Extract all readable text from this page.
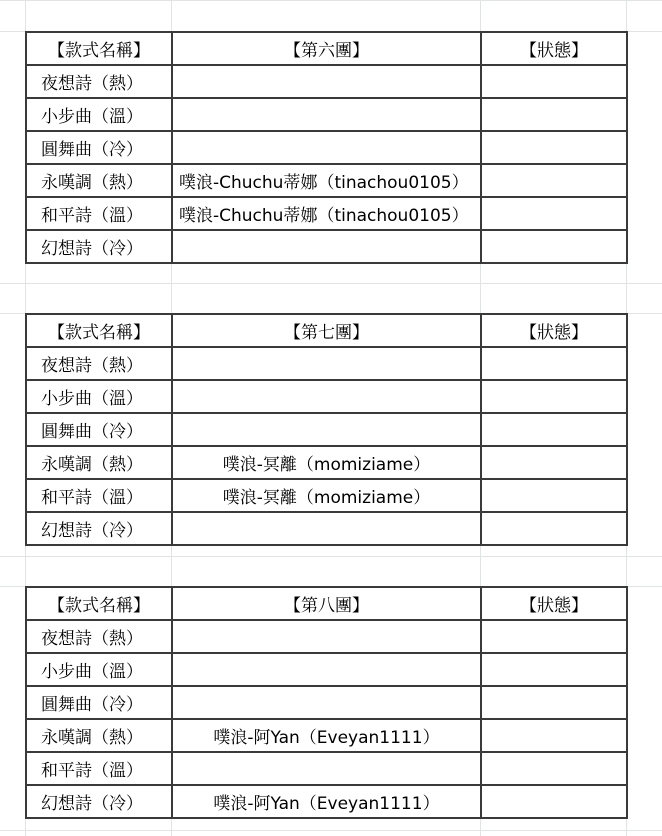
【款式名稱】	【第六團】	【狀態】
夜想詩（熱）		
小步曲（溫）		
圓舞曲（冷）		
永嘆調（熱）	噗浪-Chuchu蒂娜（tinachou0105）	
和平詩（溫）	噗浪-Chuchu蒂娜（tinachou0105）	
幻想詩（冷）		
【款式名稱】	【第七團】	【狀態】
夜想詩（熱）		
小步曲（溫）		
圓舞曲（冷）		
永嘆調（熱）	噗浪-冥離（momiziame）	
和平詩（溫）	噗浪-冥離（momiziame）	
幻想詩（冷）		
【款式名稱】	【第八團】	【狀態】
夜想詩（熱）		
小步曲（溫）		
圓舞曲（冷）		
永嘆調（熱）	噗浪-阿Yan（Eveyan1111）	
和平詩（溫）		
幻想詩（冷）	噗浪-阿Yan（Eveyan1111）	
